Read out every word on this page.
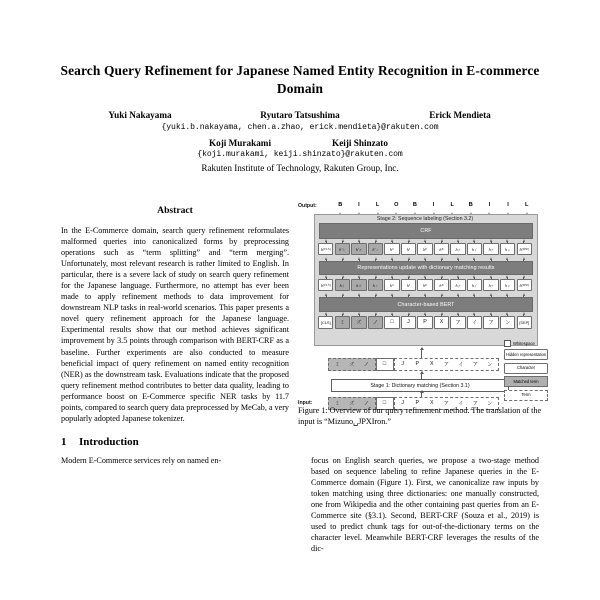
Search Query Refinement for Japanese Named Entity Recognition in E-commerce Domain
Yuki Nakayama	Ryutaro Tatsushima	Erick Mendieta
{yuki.b.nakayama, chen.a.zhao, erick.mendieta}@rakuten.com
Koji Murakami	Keiji Shinzato
{koji.murakami, keiji.shinzato}@rakuten.com
Rakuten Institute of Technology, Rakuten Group, Inc.
Abstract
In the E-Commerce domain, search query refinement reformulates malformed queries into canonicalized forms by preprocessing operations such as “term splitting” and “term merging”. Unfortunately, most relevant research is rather limited to English. In particular, there is a severe lack of study on search query refinement for the Japanese language. Furthermore, no attempt has ever been made to apply refinement methods to data improvement for downstream NLP tasks in real-world scenarios. This paper presents a novel query refinement approach for the Japanese language. Experimental results show that our method achieves significant improvement by 3.5 points through comparison with BERT-CRF as a baseline. Further experiments are also conducted to measure beneficial impact of query refinement on named entity recognition (NER) as the downstream task. Evaluations indicate that the proposed query refinement method contributes to better data quality, leading to performance boost on E-Commerce specific NER tasks by 11.7 points, compared to search query data preprocessed by MeCab, a very popularly adopted Japanese tokenizer.
1	Introduction
Modern E-Commerce services rely on named en-
Output:	B	I	L	O	B	I	L	B	I	I	L
Stage 2: Sequence labeling (Section 3.2)
CRF
h [CLS]	h' ミ	h' ズ	h' ノ	h □	h J	h P	h X	h ア	h イ	h ア	h ン	h [SEP]
Representations update with dictionary matching results
h [CLS]	h ミ	h ズ	h ノ	h □	h J	h P	h X	h ア	h イ	h ア	h ン	h [SEP]
Character-based BERT
[CLS]	ミ	ズ	ノ	□	J	P	X	ア	イ	ア	ン	[SEP]
ミ	ズ	ノ	□	J	P	X	ア	イ	ア	ン
Stage 1: Dictionary matching (Section 3.1)
Input:	ミ	ズ	ノ	□	J	P	X	ア	イ	ア	ン
Whitespace
Hidden representation
Character
Matched term
Term
Figure 1: Overview of our query refinement method. The translation of the input is “Mizuno␣JPXIron.”
focus on English search queries, we propose a two-stage method based on sequence labeling to refine Japanese queries in the E-Commerce domain (Figure 1). First, we canonicalize raw inputs by token matching using three dictionaries: one manually constructed, one from Wikipedia and the other containing past queries from an E-Commerce site (§3.1). Second, BERT-CRF (Souza et al., 2019) is used to predict chunk tags for out-of-the-dictionary terms on the character level. Meanwhile BERT-CRF leverages the results of the dic-
